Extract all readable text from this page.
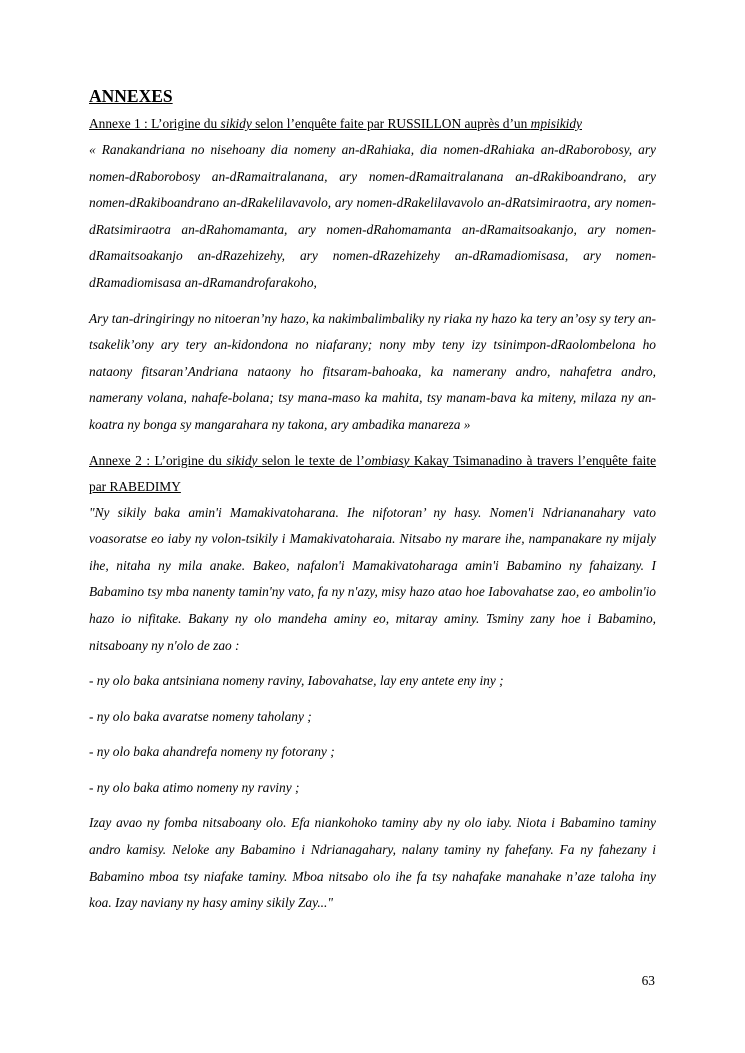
ANNEXES
Annexe 1 : L’origine du sikidy selon l’enquête faite par RUSSILLON auprès d’un mpisikidy

« Ranakandriana no nisehoany dia nomeny an-dRahiaka, dia nomen-dRahiaka an-dRaborobosy, ary nomen-dRaborobosy an-dRamaitralanana, ary nomen-dRamaitralanana an-dRakiboandrano, ary nomen-dRakiboandrano an-dRakelilavavolo, ary nomen-dRakelilavavolo an-dRatsimiraotra, ary nomen-dRatsimiraotra an-dRahomamanta, ary nomen-dRahomamanta an-dRamaitsoakanjo, ary nomen-dRamaitsoakanjo an-dRazehizehy, ary nomen-dRazehizehy an-dRamadiomisasa, ary nomen-dRamadiomisasa an-dRamandrofarakoho,

Ary tan-dringiringy no nitoeran’ny hazo, ka nakimbalimbaliky ny riaka ny hazo ka tery an’osy sy tery an-tsakelik’ony ary tery an-kidondona no niafarany; nony mby teny izy tsinimpon-dRaolombelona ho nataony fitsaran’Andriana nataony ho fitsaram-bahoaka, ka namerany andro, nahafetra andro, namerany volana, nahafe-bolana; tsy mana-maso ka mahita, tsy manam-bava ka miteny, milaza ny an-koatra ny bonga sy mangarahara ny takona, ary ambadika manareza »

Annexe 2 : L’origine du sikidy selon le texte de l’ombiasy Kakay Tsimanadino à travers l’enquête faite par RABEDIMY

"Ny sikily baka amin'i Mamakivatoharana. Ihe nifotoran’ ny hasy. Nomen'i Ndriananahary vato voasoratse eo iaby ny volon-tsikily i Mamakivatoharaia. Nitsabo ny marare ihe, nampanakare ny mijaly ihe, nitaha ny mila anake. Bakeo, nafalon'i Mamakivatoharaga amin'i Babamino ny fahaizany. I Babamino tsy mba nanenty tamin'ny vato, fa ny n'azy, misy hazo atao hoe Iabovahatse zao, eo ambolin'io hazo io nifitake. Bakany ny olo mandeha aminy eo, mitaray aminy. Tsminy zany hoe i Babamino, nitsaboany ny n'olo de zao :

- ny olo baka antsiniana nomeny raviny, Iabovahatse, lay eny antete eny iny ;

- ny olo baka avaratse nomeny taholany ;

- ny olo baka ahandrefa nomeny ny fotorany ;

- ny olo baka atimo nomeny ny raviny ;

Izay avao ny fomba nitsaboany olo. Efa niankohoko taminy aby ny olo iaby. Niota i Babamino taminy andro kamisy. Neloke any Babamino i Ndrianagahary, nalany taminy ny fahefany. Fa ny fahezany i Babamino mboa tsy niafake taminy. Mboa nitsabo olo ihe fa tsy nahafake manahake n’aze taloha iny koa. Izay naviany ny hasy aminy sikily Zay..."

63
